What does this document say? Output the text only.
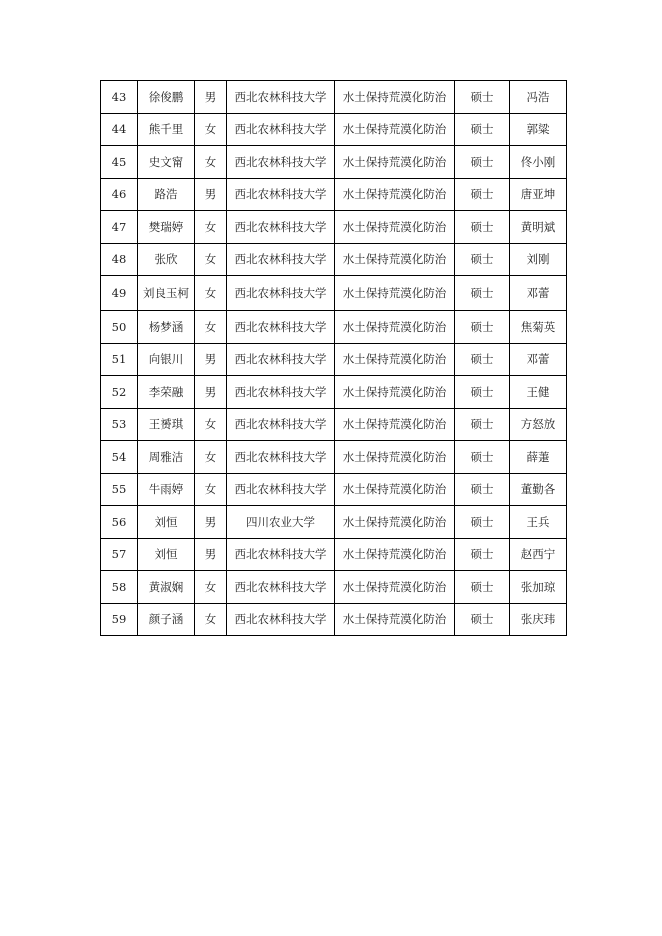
43	徐俊鹏	男	西北农林科技大学	水土保持荒漠化防治	硕士	冯浩
44	熊千里	女	西北农林科技大学	水土保持荒漠化防治	硕士	郭粱
45	史文甯	女	西北农林科技大学	水土保持荒漠化防治	硕士	佟小刚
46	路浩	男	西北农林科技大学	水土保持荒漠化防治	硕士	唐亚坤
47	樊瑞婷	女	西北农林科技大学	水土保持荒漠化防治	硕士	黄明斌
48	张欣	女	西北农林科技大学	水土保持荒漠化防治	硕士	刘刚
49	刘良玉柯	女	西北农林科技大学	水土保持荒漠化防治	硕士	邓蕾
50	杨梦涵	女	西北农林科技大学	水土保持荒漠化防治	硕士	焦菊英
51	向银川	男	西北农林科技大学	水土保持荒漠化防治	硕士	邓蕾
52	李荣融	男	西北农林科技大学	水土保持荒漠化防治	硕士	王健
53	王赟琪	女	西北农林科技大学	水土保持荒漠化防治	硕士	方怒放
54	周雅洁	女	西北农林科技大学	水土保持荒漠化防治	硕士	薛萐
55	牛雨婷	女	西北农林科技大学	水土保持荒漠化防治	硕士	董勤各
56	刘恒	男	四川农业大学	水土保持荒漠化防治	硕士	王兵
57	刘恒	男	西北农林科技大学	水土保持荒漠化防治	硕士	赵西宁
58	黄淑娴	女	西北农林科技大学	水土保持荒漠化防治	硕士	张加琼
59	颜子涵	女	西北农林科技大学	水土保持荒漠化防治	硕士	张庆玮
